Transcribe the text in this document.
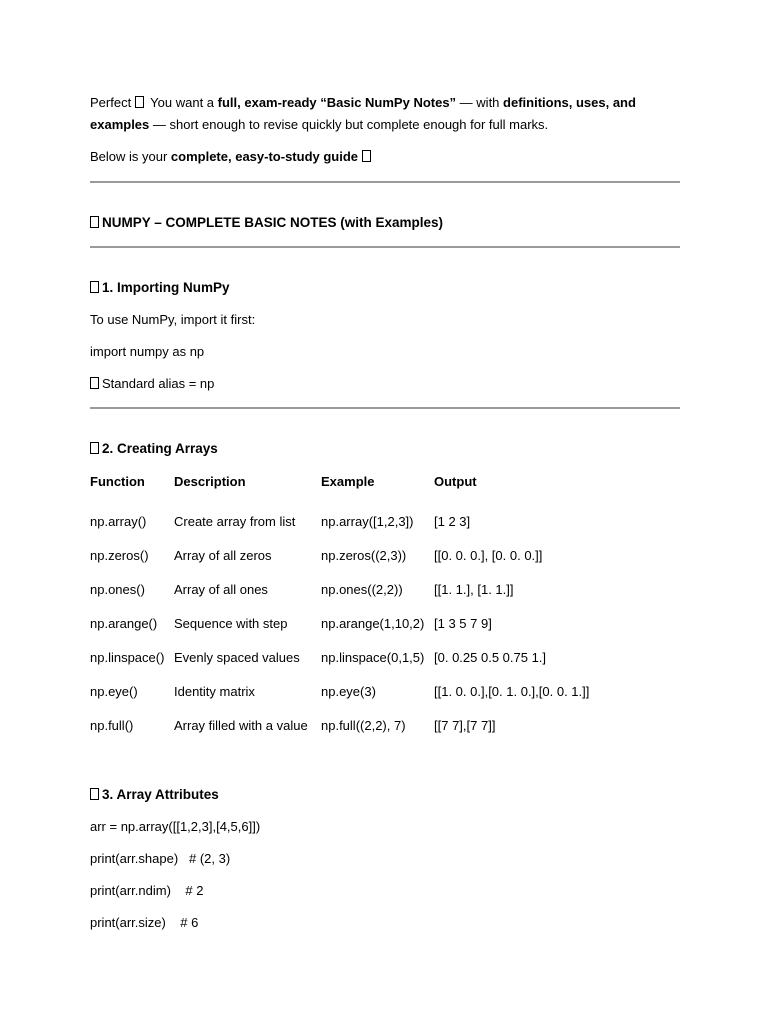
Perfect  You want a full, exam-ready “Basic NumPy Notes” — with definitions, uses, and examples — short enough to revise quickly but complete enough for full marks.

Below is your complete, easy-to-study guide

NUMPY – COMPLETE BASIC NOTES (with Examples)

1. Importing NumPy

To use NumPy, import it first:

import numpy as np

Standard alias = np

2. Creating Arrays

Function	Description	Example	Output

np.array()	Create array from list	np.array([1,2,3])	[1 2 3]
np.zeros()	Array of all zeros	np.zeros((2,3))	[[0. 0. 0.], [0. 0. 0.]]
np.ones()	Array of all ones	np.ones((2,2))	[[1. 1.], [1. 1.]]
np.arange()	Sequence with step	np.arange(1,10,2)	[1 3 5 7 9]
np.linspace()	Evenly spaced values	np.linspace(0,1,5)	[0. 0.25 0.5 0.75 1.]
np.eye()	Identity matrix	np.eye(3)	[[1. 0. 0.],[0. 1. 0.],[0. 0. 1.]]
np.full()	Array filled with a value	np.full((2,2), 7)	[[7 7],[7 7]]

3. Array Attributes

arr = np.array([[1,2,3],[4,5,6]])

print(arr.shape)   # (2, 3)

print(arr.ndim)    # 2

print(arr.size)    # 6
